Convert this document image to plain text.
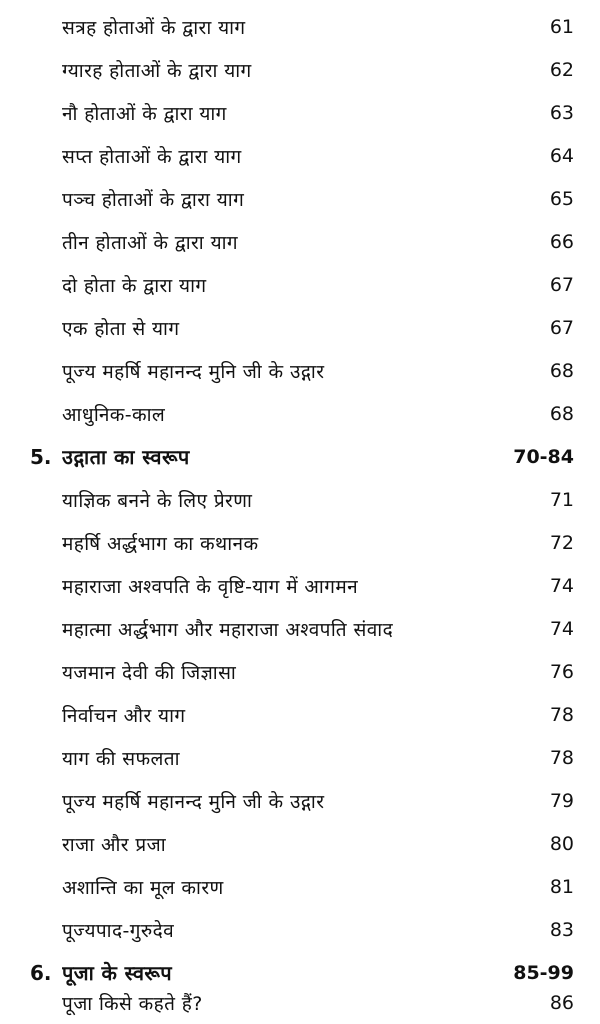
सत्रह होताओं के द्वारा याग	61
ग्यारह होताओं के द्वारा याग	62
नौ होताओं के द्वारा याग	63
सप्त होताओं के द्वारा याग	64
पञ्च होताओं के द्वारा याग	65
तीन होताओं के द्वारा याग	66
दो होता के द्वारा याग	67
एक होता से याग	67
पूज्य महर्षि महानन्द मुनि जी के उद्गार	68
आधुनिक-काल	68
5. उद्गाता का स्वरूप	70-84
याज्ञिक बनने के लिए प्रेरणा	71
महर्षि अर्द्धभाग का कथानक	72
महाराजा अश्वपति के वृष्टि-याग में आगमन	74
महात्मा अर्द्धभाग और महाराजा अश्वपति संवाद	74
यजमान देवी की जिज्ञासा	76
निर्वाचन और याग	78
याग की सफलता	78
पूज्य महर्षि महानन्द मुनि जी के उद्गार	79
राजा और प्रजा	80
अशान्ति का मूल कारण	81
पूज्यपाद-गुरुदेव	83
6. पूजा के स्वरूप	85-99
पूजा किसे कहते हैं?	86
